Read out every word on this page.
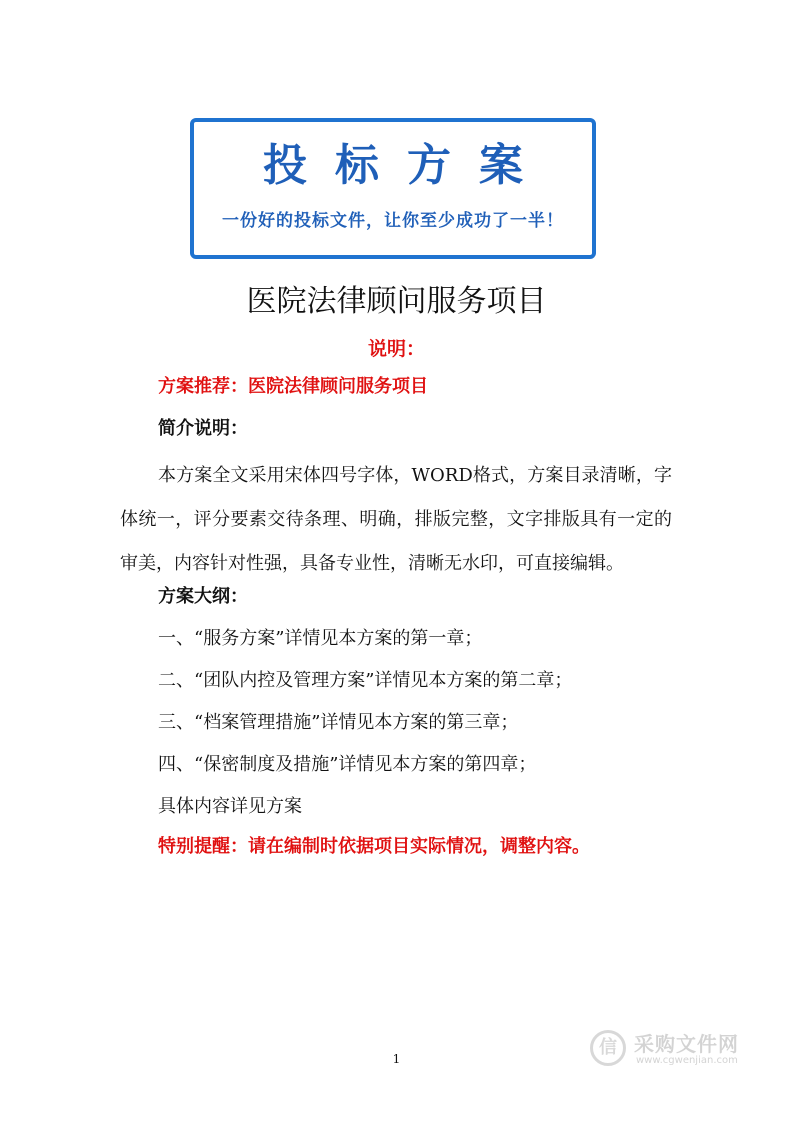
投标方案
一份好的投标文件，让你至少成功了一半！
医院法律顾问服务项目
说明：
方案推荐：医院法律顾问服务项目
简介说明：
本方案全文采用宋体四号字体，WORD格式，方案目录清晰，字体统一，评分要素交待条理、明确，排版完整，文字排版具有一定的审美，内容针对性强，具备专业性，清晰无水印，可直接编辑。
方案大纲：
一、“服务方案”详情见本方案的第一章；
二、“团队内控及管理方案”详情见本方案的第二章；
三、“档案管理措施”详情见本方案的第三章；
四、“保密制度及措施”详情见本方案的第四章；
具体内容详见方案
特别提醒：请在编制时依据项目实际情况，调整内容。
1
信 采购文件网
www.cgwenjian.com
